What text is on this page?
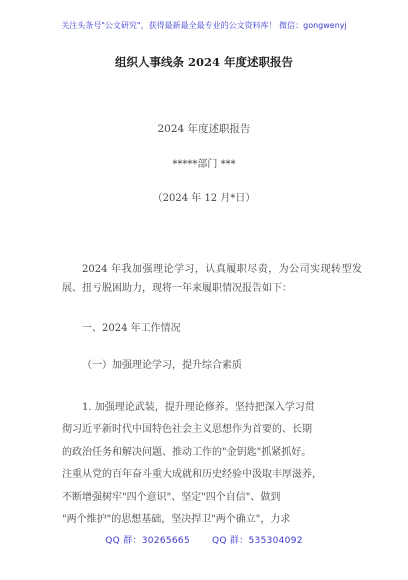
关注头条号"公文研究"，获得最新最全最专业的公文资料库！ 微信：gongwenyj
组织人事线条 2024 年度述职报告
2024 年度述职报告
*****部门 ***
（2024 年 12 月*日）
2024 年我加强理论学习，认真履职尽责，为公司实现转型发展、扭亏脱困助力，现将一年来履职情况报告如下：
一、2024 年工作情况
（一）加强理论学习，提升综合素质
1. 加强理论武装，提升理论修养。坚持把深入学习贯
彻习近平新时代中国特色社会主义思想作为首要的、长期
的政治任务和解决问题、推动工作的"金钥匙"抓紧抓好。
注重从党的百年奋斗重大成就和历史经验中汲取丰厚滋养，
不断增强树牢"四个意识"、坚定"四个自信"、做到
"两个维护"的思想基础，坚决捍卫"两个确立"，力求
QQ 群：30265665 QQ 群：535304092
